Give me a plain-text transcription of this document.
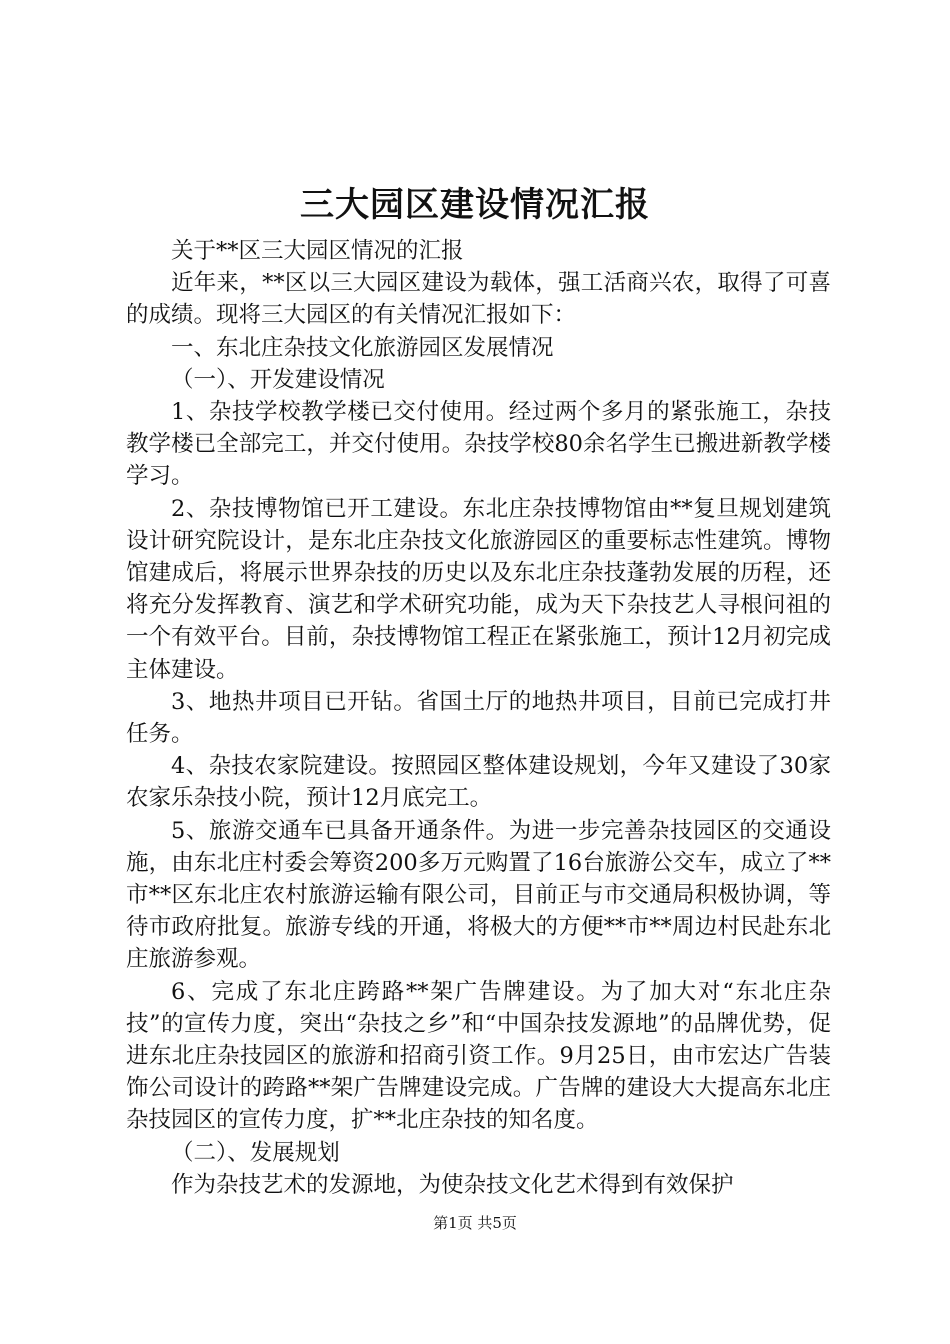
三大园区建设情况汇报

关于**区三大园区情况的汇报

近年来，**区以三大园区建设为载体，强工活商兴农，取得了可喜的成绩。现将三大园区的有关情况汇报如下：

一、东北庄杂技文化旅游园区发展情况

（一）、开发建设情况

1、杂技学校教学楼已交付使用。经过两个多月的紧张施工，杂技教学楼已全部完工，并交付使用。杂技学校80余名学生已搬进新教学楼学习。

2、杂技博物馆已开工建设。东北庄杂技博物馆由**复旦规划建筑设计研究院设计，是东北庄杂技文化旅游园区的重要标志性建筑。博物馆建成后，将展示世界杂技的历史以及东北庄杂技蓬勃发展的历程，还将充分发挥教育、演艺和学术研究功能，成为天下杂技艺人寻根问祖的一个有效平台。目前，杂技博物馆工程正在紧张施工，预计12月初完成主体建设。

3、地热井项目已开钻。省国土厅的地热井项目，目前已完成打井任务。

4、杂技农家院建设。按照园区整体建设规划，今年又建设了30家农家乐杂技小院，预计12月底完工。

5、旅游交通车已具备开通条件。为进一步完善杂技园区的交通设施，由东北庄村委会筹资200多万元购置了16台旅游公交车，成立了**市**区东北庄农村旅游运输有限公司，目前正与市交通局积极协调，等待市政府批复。旅游专线的开通，将极大的方便**市**周边村民赴东北庄旅游参观。

6、完成了东北庄跨路**架广告牌建设。为了加大对“东北庄杂技”的宣传力度，突出“杂技之乡”和“中国杂技发源地”的品牌优势，促进东北庄杂技园区的旅游和招商引资工作。9月25日，由市宏达广告装饰公司设计的跨路**架广告牌建设完成。广告牌的建设大大提高东北庄杂技园区的宣传力度，扩**北庄杂技的知名度。

（二）、发展规划

作为杂技艺术的发源地，为使杂技文化艺术得到有效保护

第1页 共5页
